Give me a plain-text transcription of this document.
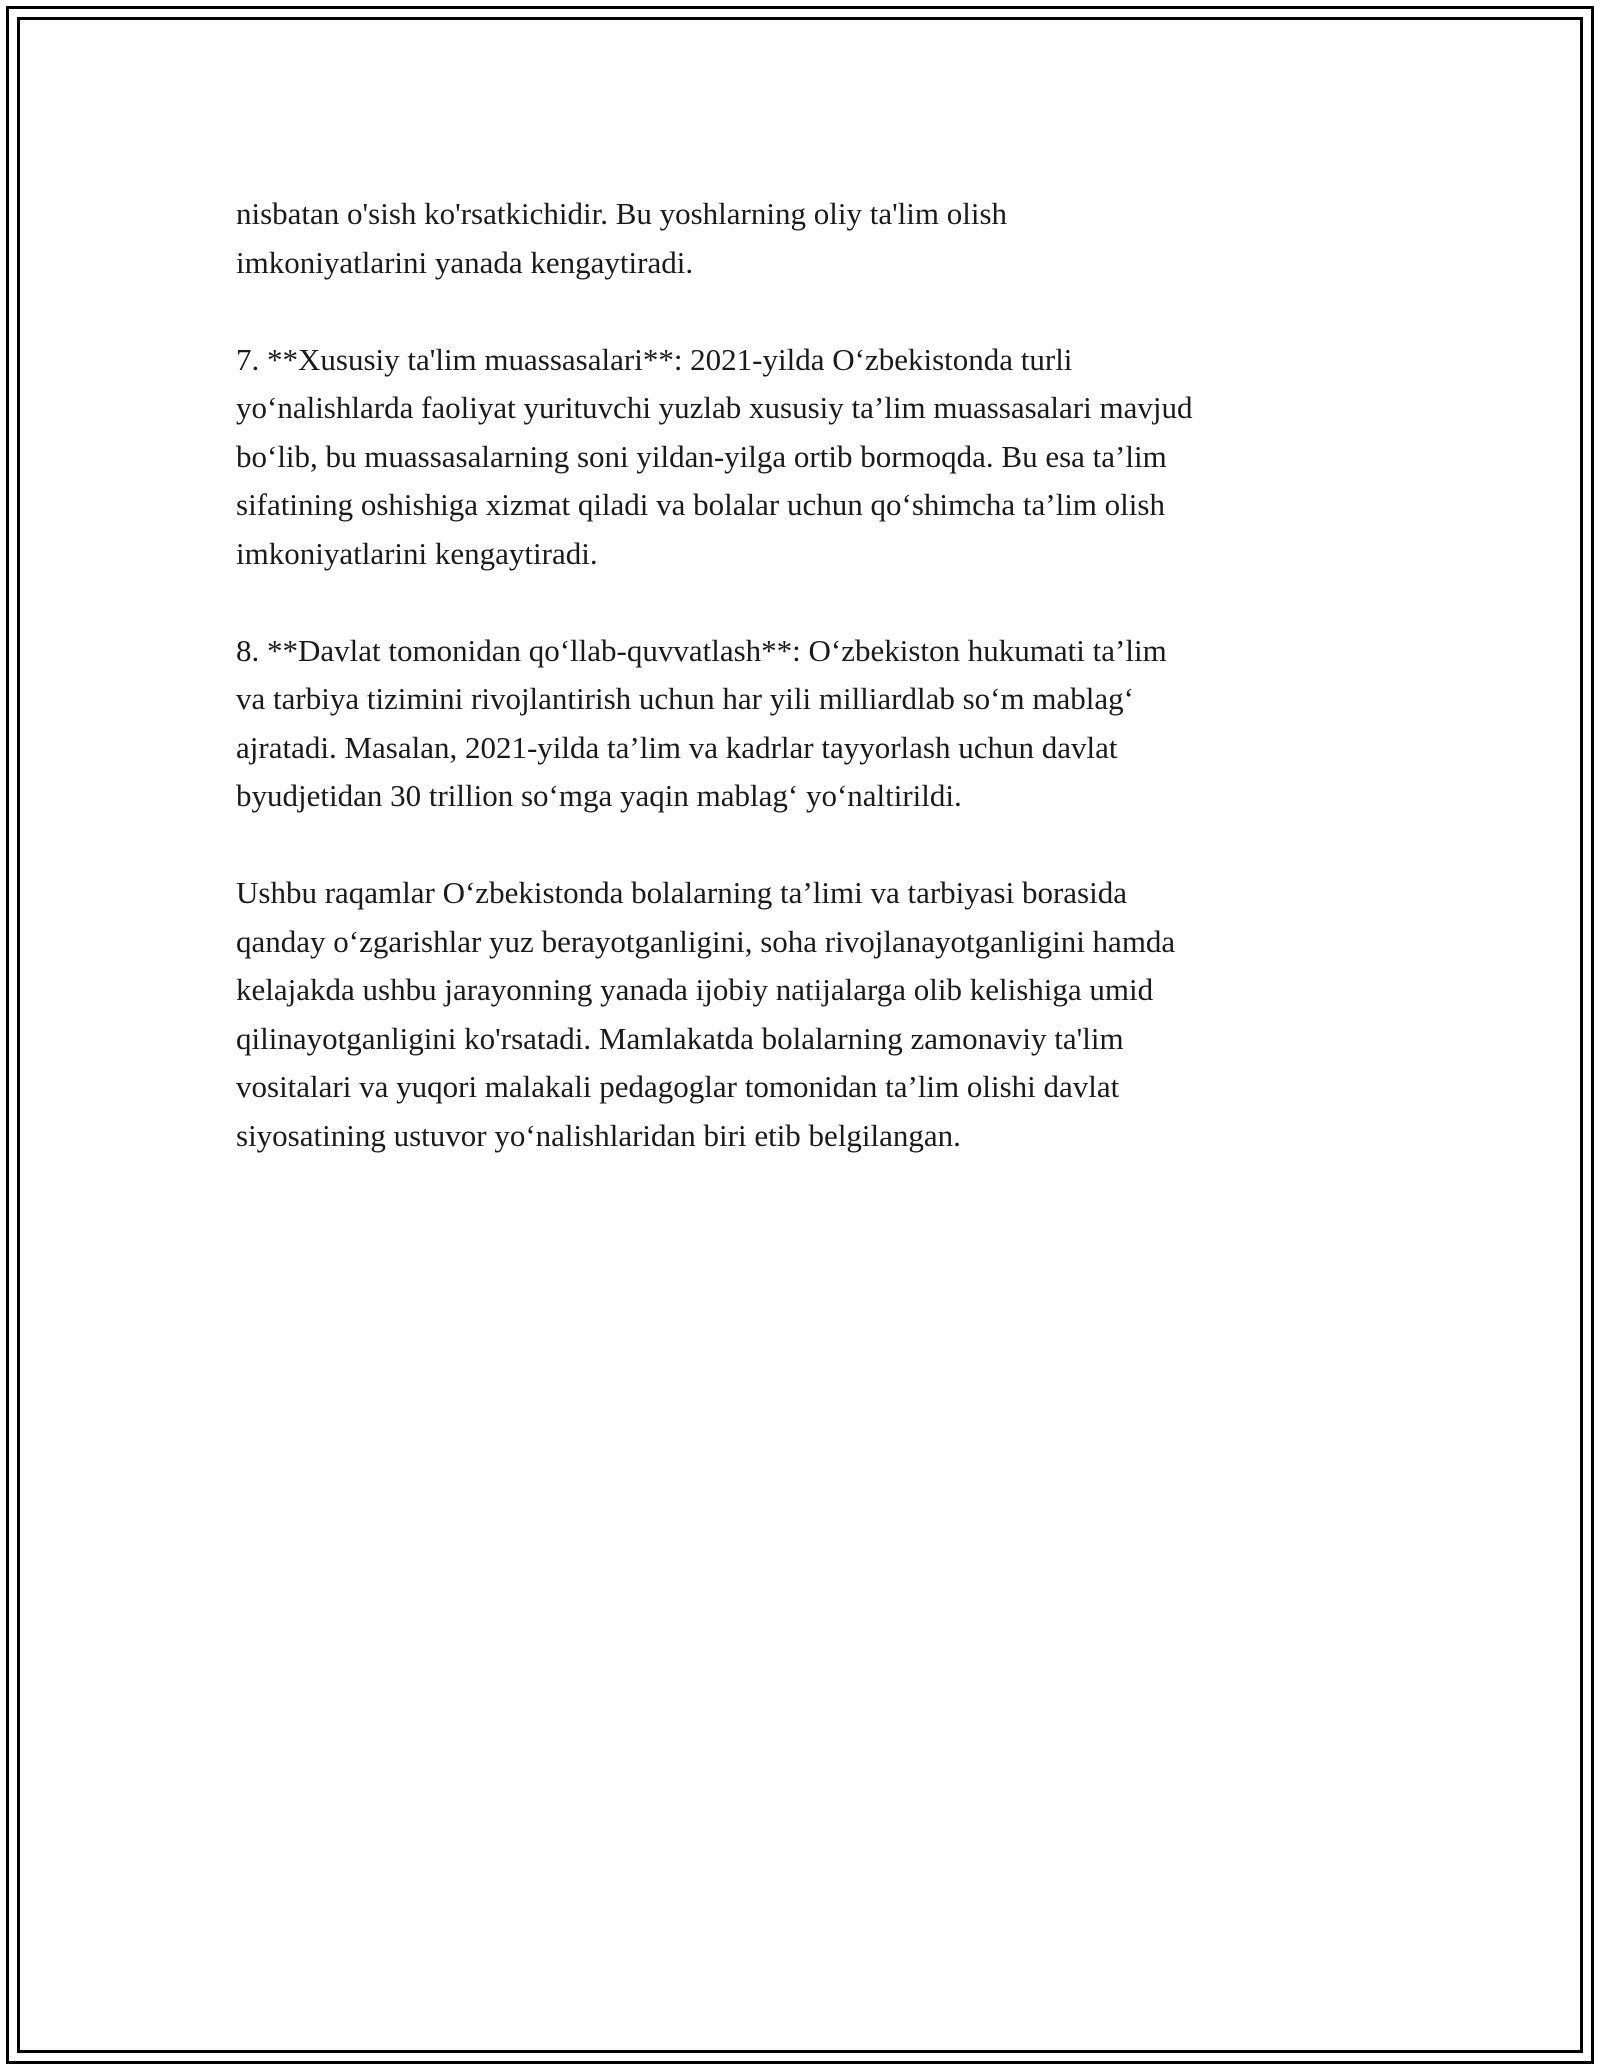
nisbatan o'sish ko'rsatkichidir. Bu yoshlarning oliy ta'lim olish
imkoniyatlarini yanada kengaytiradi.

7. **Xususiy ta'lim muassasalari**: 2021-yilda O‘zbekistonda turli
yo‘nalishlarda faoliyat yurituvchi yuzlab xususiy ta’lim muassasalari mavjud
bo‘lib, bu muassasalarning soni yildan-yilga ortib bormoqda. Bu esa ta’lim
sifatining oshishiga xizmat qiladi va bolalar uchun qo‘shimcha ta’lim olish
imkoniyatlarini kengaytiradi.

8. **Davlat tomonidan qo‘llab-quvvatlash**: O‘zbekiston hukumati ta’lim
va tarbiya tizimini rivojlantirish uchun har yili milliardlab so‘m mablag‘
ajratadi. Masalan, 2021-yilda ta’lim va kadrlar tayyorlash uchun davlat
byudjetidan 30 trillion so‘mga yaqin mablag‘ yo‘naltirildi.

Ushbu raqamlar O‘zbekistonda bolalarning ta’limi va tarbiyasi borasida
qanday o‘zgarishlar yuz berayotganligini, soha rivojlanayotganligini hamda
kelajakda ushbu jarayonning yanada ijobiy natijalarga olib kelishiga umid
qilinayotganligini ko'rsatadi. Mamlakatda bolalarning zamonaviy ta'lim
vositalari va yuqori malakali pedagoglar tomonidan ta’lim olishi davlat
siyosatining ustuvor yo‘nalishlaridan biri etib belgilangan.
